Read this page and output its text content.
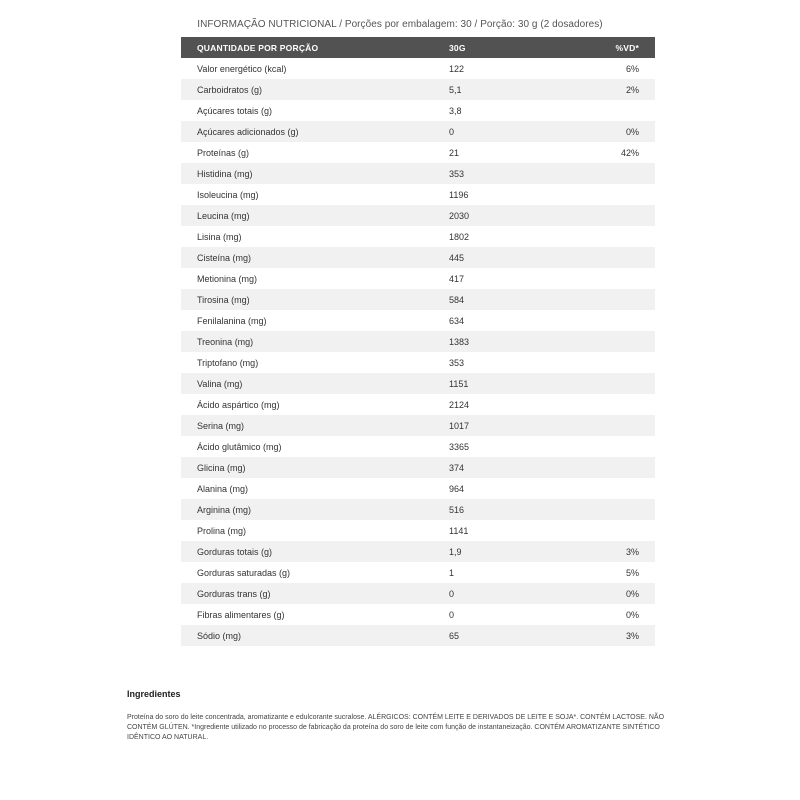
INFORMAÇÃO NUTRICIONAL / Porções por embalagem: 30 / Porção: 30 g (2 dosadores)
QUANTIDADE POR PORÇÃO	30G	%VD*
Valor energético (kcal)	122	6%
Carboidratos (g)	5,1	2%
Açúcares totais (g)	3,8	
Açúcares adicionados (g)	0	0%
Proteínas (g)	21	42%
Histidina (mg)	353	
Isoleucina (mg)	1196	
Leucina (mg)	2030	
Lisina (mg)	1802	
Cisteína (mg)	445	
Metionina (mg)	417	
Tirosina (mg)	584	
Fenilalanina (mg)	634	
Treonina (mg)	1383	
Triptofano (mg)	353	
Valina (mg)	1151	
Ácido aspártico (mg)	2124	
Serina (mg)	1017	
Ácido glutâmico (mg)	3365	
Glicina (mg)	374	
Alanina (mg)	964	
Arginina (mg)	516	
Prolina (mg)	1141	
Gorduras totais (g)	1,9	3%
Gorduras saturadas (g)	1	5%
Gorduras trans (g)	0	0%
Fibras alimentares (g)	0	0%
Sódio (mg)	65	3%
Ingredientes
Proteína do soro do leite concentrada, aromatizante e edulcorante sucralose. ALÉRGICOS: CONTÉM LEITE E DERIVADOS DE LEITE E SOJA*. CONTÉM LACTOSE. NÃO CONTÉM GLÚTEN. *Ingrediente utilizado no processo de fabricação da proteína do soro de leite com função de instantaneização. CONTÉM AROMATIZANTE SINTÉTICO IDÊNTICO AO NATURAL.
